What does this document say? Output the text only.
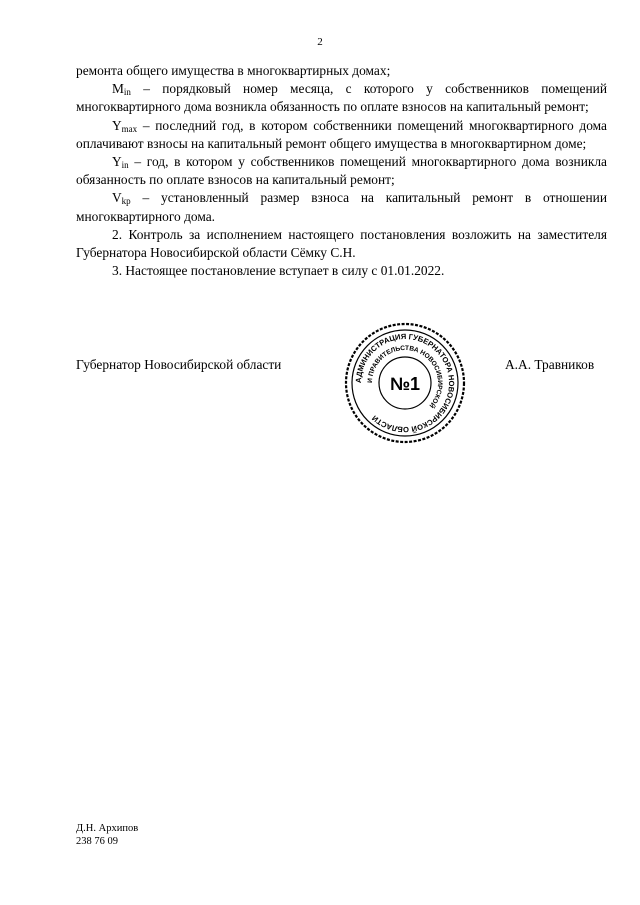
2

ремонта общего имущества в многоквартирных домах;

$M_{in}$ – порядковый номер месяца, с которого у собственников помещений многоквартирного дома возникла обязанность по оплате взносов на капитальный ремонт;

$Y_{max}$ – последний год, в котором собственники помещений многоквартирного дома оплачивают взносы на капитальный ремонт общего имущества в многоквартирном доме;

$Y_{in}$ – год, в котором у собственников помещений многоквартирного дома возникла обязанность по оплате взносов на капитальный ремонт;

$V_{kp}$ – установленный размер взноса на капитальный ремонт в отношении многоквартирного дома.

2. Контроль за исполнением настоящего постановления возложить на заместителя Губернатора Новосибирской области Сёмку С.Н.

3. Настоящее постановление вступает в силу с 01.01.2022.

Губернатор Новосибирской области
АДМИНИСТРАЦИЯ ГУБЕРНАТОРА НОВОСИБИРСКОЙ ОБЛАСТИ
И ПРАВИТЕЛЬСТВА НОВОСИБИРСКОЙ
№1
А.А. Травников
Д.Н. Архипов
238 76 09
